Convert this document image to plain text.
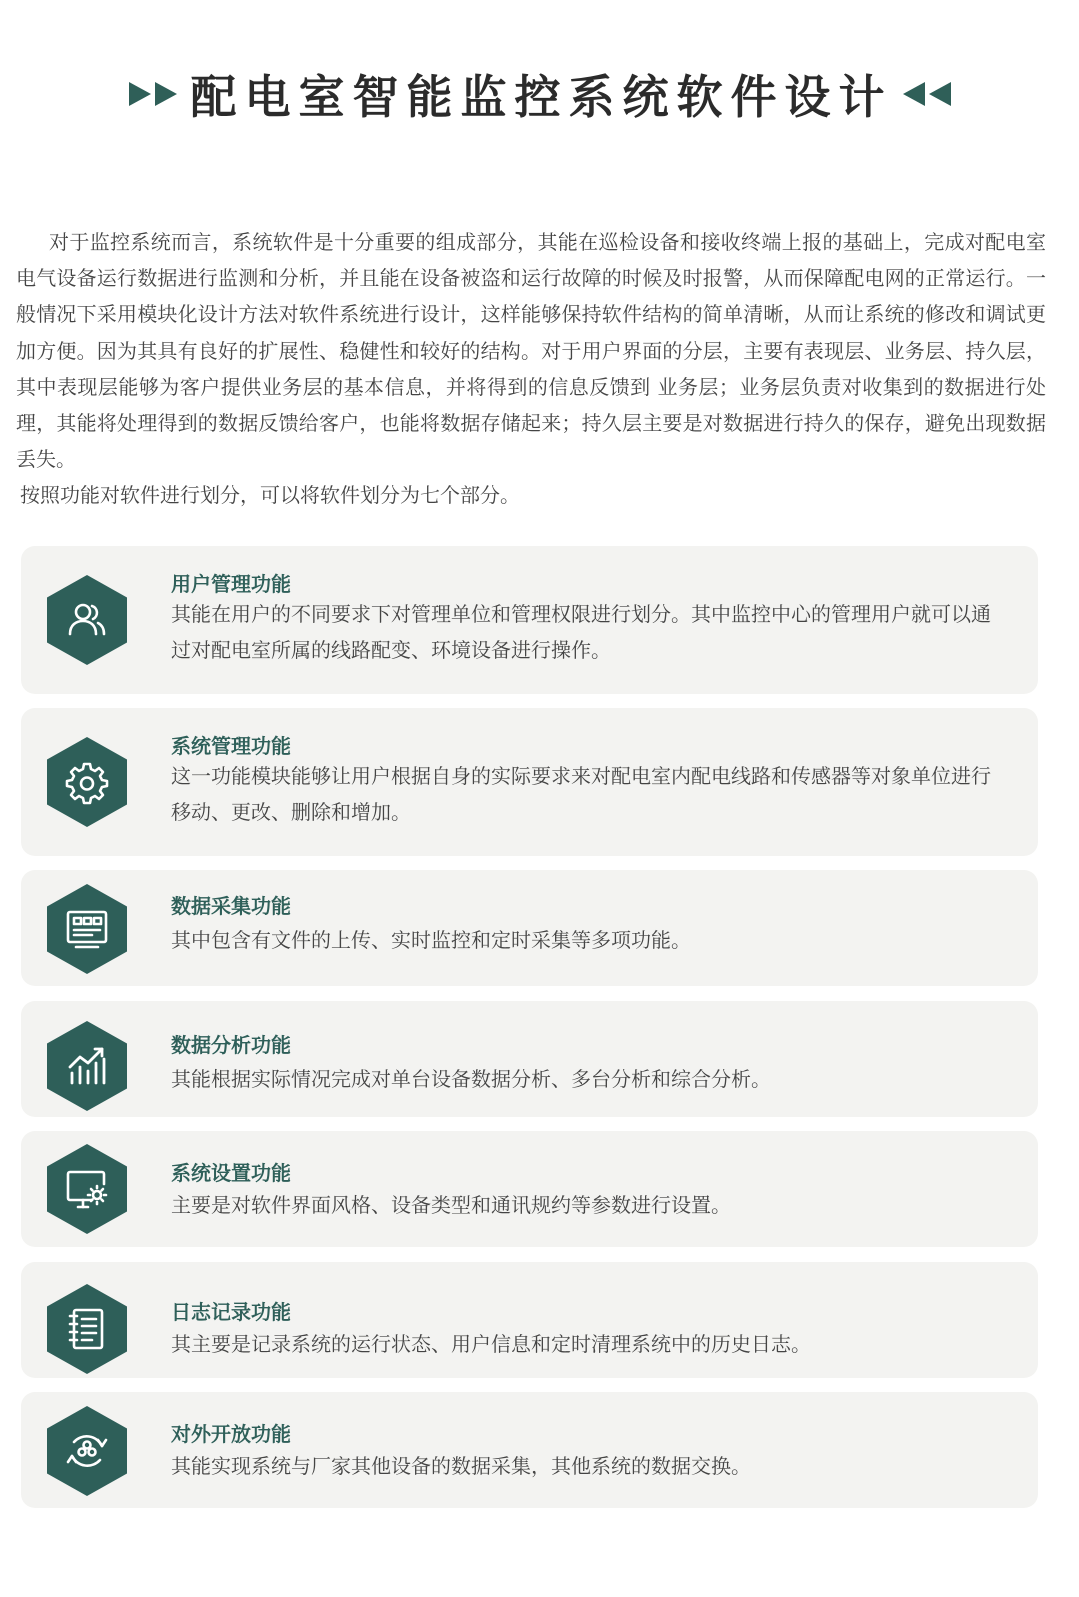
配电室智能监控系统软件设计

对于监控系统而言，系统软件是十分重要的组成部分，其能在巡检设备和接收终端上报的基础上，完成对配电室电气设备运行数据进行监测和分析，并且能在设备被盗和运行故障的时候及时报警，从而保障配电网的正常运行。一般情况下采用模块化设计方法对软件系统进行设计，这样能够保持软件结构的简单清晰，从而让系统的修改和调试更加方便。因为其具有良好的扩展性、稳健性和较好的结构。对于用户界面的分层，主要有表现层、业务层、持久层，其中表现层能够为客户提供业务层的基本信息，并将得到的信息反馈到 业务层；业务层负责对收集到的数据进行处理，其能将处理得到的数据反馈给客户，也能将数据存储起来；持久层主要是对数据进行持久的保存，避免出现数据丢失。

按照功能对软件进行划分，可以将软件划分为七个部分。

用户管理功能
其能在用户的不同要求下对管理单位和管理权限进行划分。其中监控中心的管理用户就可以通过对配电室所属的线路配变、环境设备进行操作。
系统管理功能
这一功能模块能够让用户根据自身的实际要求来对配电室内配电线路和传感器等对象单位进行移动、更改、删除和增加。
数据采集功能
其中包含有文件的上传、实时监控和定时采集等多项功能。
数据分析功能
其能根据实际情况完成对单台设备数据分析、多台分析和综合分析。
系统设置功能
主要是对软件界面风格、设备类型和通讯规约等参数进行设置。
日志记录功能
其主要是记录系统的运行状态、用户信息和定时清理系统中的历史日志。
对外开放功能
其能实现系统与厂家其他设备的数据采集，其他系统的数据交换。
